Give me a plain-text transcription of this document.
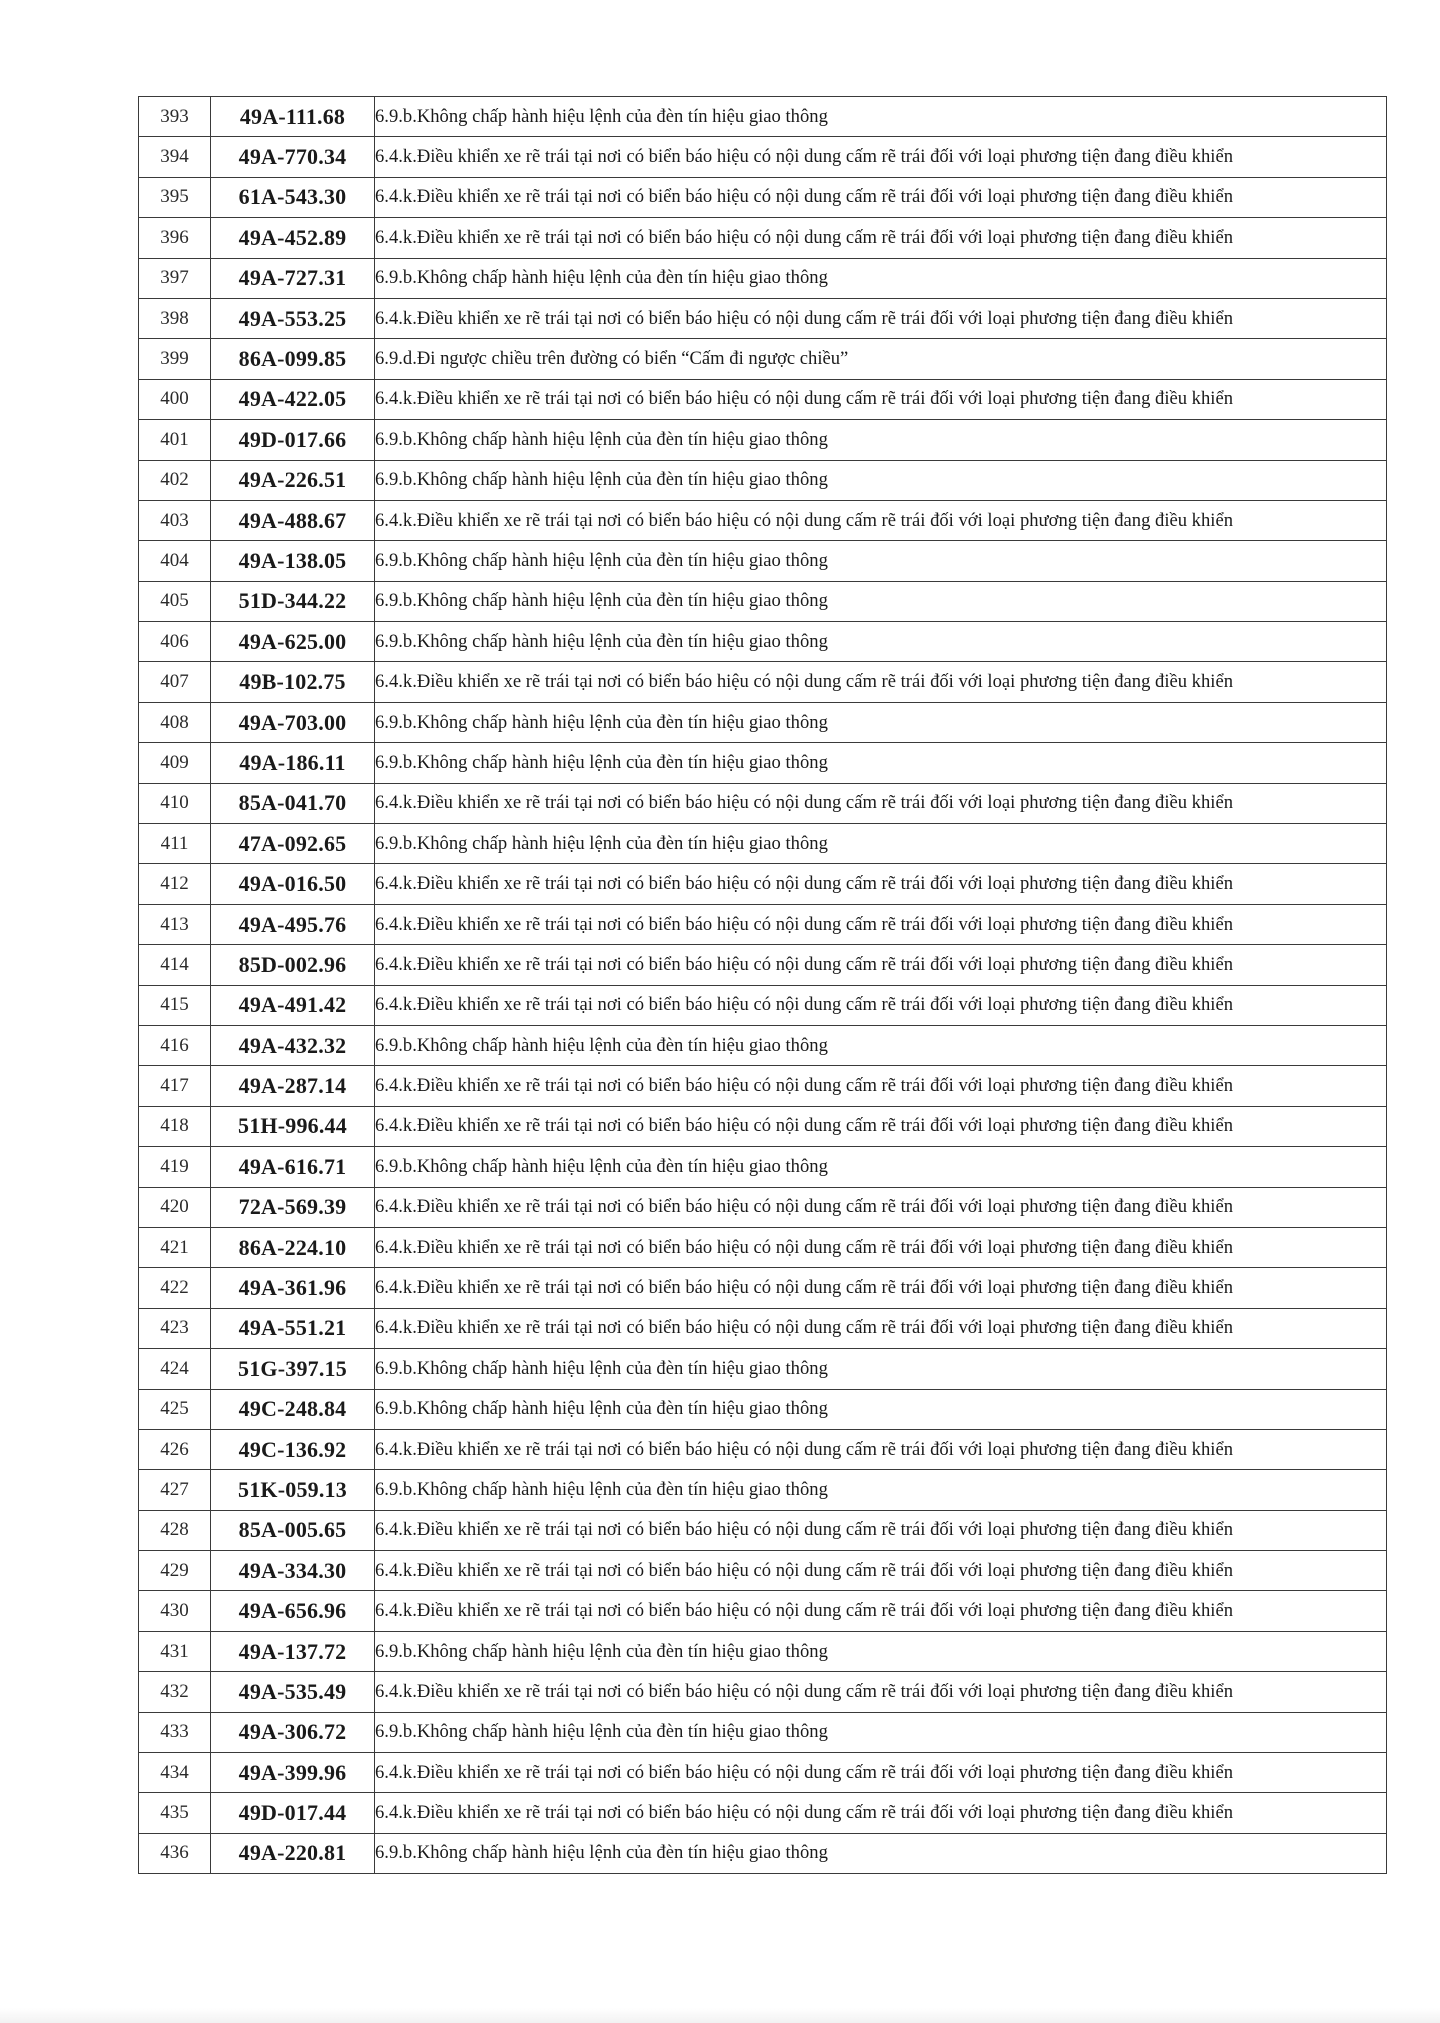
393	49A-111.68	6.9.b.Không chấp hành hiệu lệnh của đèn tín hiệu giao thông
394	49A-770.34	6.4.k.Điều khiển xe rẽ trái tại nơi có biển báo hiệu có nội dung cấm rẽ trái đối với loại phương tiện đang điều khiển
395	61A-543.30	6.4.k.Điều khiển xe rẽ trái tại nơi có biển báo hiệu có nội dung cấm rẽ trái đối với loại phương tiện đang điều khiển
396	49A-452.89	6.4.k.Điều khiển xe rẽ trái tại nơi có biển báo hiệu có nội dung cấm rẽ trái đối với loại phương tiện đang điều khiển
397	49A-727.31	6.9.b.Không chấp hành hiệu lệnh của đèn tín hiệu giao thông
398	49A-553.25	6.4.k.Điều khiển xe rẽ trái tại nơi có biển báo hiệu có nội dung cấm rẽ trái đối với loại phương tiện đang điều khiển
399	86A-099.85	6.9.d.Đi ngược chiều trên đường có biển “Cấm đi ngược chiều”
400	49A-422.05	6.4.k.Điều khiển xe rẽ trái tại nơi có biển báo hiệu có nội dung cấm rẽ trái đối với loại phương tiện đang điều khiển
401	49D-017.66	6.9.b.Không chấp hành hiệu lệnh của đèn tín hiệu giao thông
402	49A-226.51	6.9.b.Không chấp hành hiệu lệnh của đèn tín hiệu giao thông
403	49A-488.67	6.4.k.Điều khiển xe rẽ trái tại nơi có biển báo hiệu có nội dung cấm rẽ trái đối với loại phương tiện đang điều khiển
404	49A-138.05	6.9.b.Không chấp hành hiệu lệnh của đèn tín hiệu giao thông
405	51D-344.22	6.9.b.Không chấp hành hiệu lệnh của đèn tín hiệu giao thông
406	49A-625.00	6.9.b.Không chấp hành hiệu lệnh của đèn tín hiệu giao thông
407	49B-102.75	6.4.k.Điều khiển xe rẽ trái tại nơi có biển báo hiệu có nội dung cấm rẽ trái đối với loại phương tiện đang điều khiển
408	49A-703.00	6.9.b.Không chấp hành hiệu lệnh của đèn tín hiệu giao thông
409	49A-186.11	6.9.b.Không chấp hành hiệu lệnh của đèn tín hiệu giao thông
410	85A-041.70	6.4.k.Điều khiển xe rẽ trái tại nơi có biển báo hiệu có nội dung cấm rẽ trái đối với loại phương tiện đang điều khiển
411	47A-092.65	6.9.b.Không chấp hành hiệu lệnh của đèn tín hiệu giao thông
412	49A-016.50	6.4.k.Điều khiển xe rẽ trái tại nơi có biển báo hiệu có nội dung cấm rẽ trái đối với loại phương tiện đang điều khiển
413	49A-495.76	6.4.k.Điều khiển xe rẽ trái tại nơi có biển báo hiệu có nội dung cấm rẽ trái đối với loại phương tiện đang điều khiển
414	85D-002.96	6.4.k.Điều khiển xe rẽ trái tại nơi có biển báo hiệu có nội dung cấm rẽ trái đối với loại phương tiện đang điều khiển
415	49A-491.42	6.4.k.Điều khiển xe rẽ trái tại nơi có biển báo hiệu có nội dung cấm rẽ trái đối với loại phương tiện đang điều khiển
416	49A-432.32	6.9.b.Không chấp hành hiệu lệnh của đèn tín hiệu giao thông
417	49A-287.14	6.4.k.Điều khiển xe rẽ trái tại nơi có biển báo hiệu có nội dung cấm rẽ trái đối với loại phương tiện đang điều khiển
418	51H-996.44	6.4.k.Điều khiển xe rẽ trái tại nơi có biển báo hiệu có nội dung cấm rẽ trái đối với loại phương tiện đang điều khiển
419	49A-616.71	6.9.b.Không chấp hành hiệu lệnh của đèn tín hiệu giao thông
420	72A-569.39	6.4.k.Điều khiển xe rẽ trái tại nơi có biển báo hiệu có nội dung cấm rẽ trái đối với loại phương tiện đang điều khiển
421	86A-224.10	6.4.k.Điều khiển xe rẽ trái tại nơi có biển báo hiệu có nội dung cấm rẽ trái đối với loại phương tiện đang điều khiển
422	49A-361.96	6.4.k.Điều khiển xe rẽ trái tại nơi có biển báo hiệu có nội dung cấm rẽ trái đối với loại phương tiện đang điều khiển
423	49A-551.21	6.4.k.Điều khiển xe rẽ trái tại nơi có biển báo hiệu có nội dung cấm rẽ trái đối với loại phương tiện đang điều khiển
424	51G-397.15	6.9.b.Không chấp hành hiệu lệnh của đèn tín hiệu giao thông
425	49C-248.84	6.9.b.Không chấp hành hiệu lệnh của đèn tín hiệu giao thông
426	49C-136.92	6.4.k.Điều khiển xe rẽ trái tại nơi có biển báo hiệu có nội dung cấm rẽ trái đối với loại phương tiện đang điều khiển
427	51K-059.13	6.9.b.Không chấp hành hiệu lệnh của đèn tín hiệu giao thông
428	85A-005.65	6.4.k.Điều khiển xe rẽ trái tại nơi có biển báo hiệu có nội dung cấm rẽ trái đối với loại phương tiện đang điều khiển
429	49A-334.30	6.4.k.Điều khiển xe rẽ trái tại nơi có biển báo hiệu có nội dung cấm rẽ trái đối với loại phương tiện đang điều khiển
430	49A-656.96	6.4.k.Điều khiển xe rẽ trái tại nơi có biển báo hiệu có nội dung cấm rẽ trái đối với loại phương tiện đang điều khiển
431	49A-137.72	6.9.b.Không chấp hành hiệu lệnh của đèn tín hiệu giao thông
432	49A-535.49	6.4.k.Điều khiển xe rẽ trái tại nơi có biển báo hiệu có nội dung cấm rẽ trái đối với loại phương tiện đang điều khiển
433	49A-306.72	6.9.b.Không chấp hành hiệu lệnh của đèn tín hiệu giao thông
434	49A-399.96	6.4.k.Điều khiển xe rẽ trái tại nơi có biển báo hiệu có nội dung cấm rẽ trái đối với loại phương tiện đang điều khiển
435	49D-017.44	6.4.k.Điều khiển xe rẽ trái tại nơi có biển báo hiệu có nội dung cấm rẽ trái đối với loại phương tiện đang điều khiển
436	49A-220.81	6.9.b.Không chấp hành hiệu lệnh của đèn tín hiệu giao thông
